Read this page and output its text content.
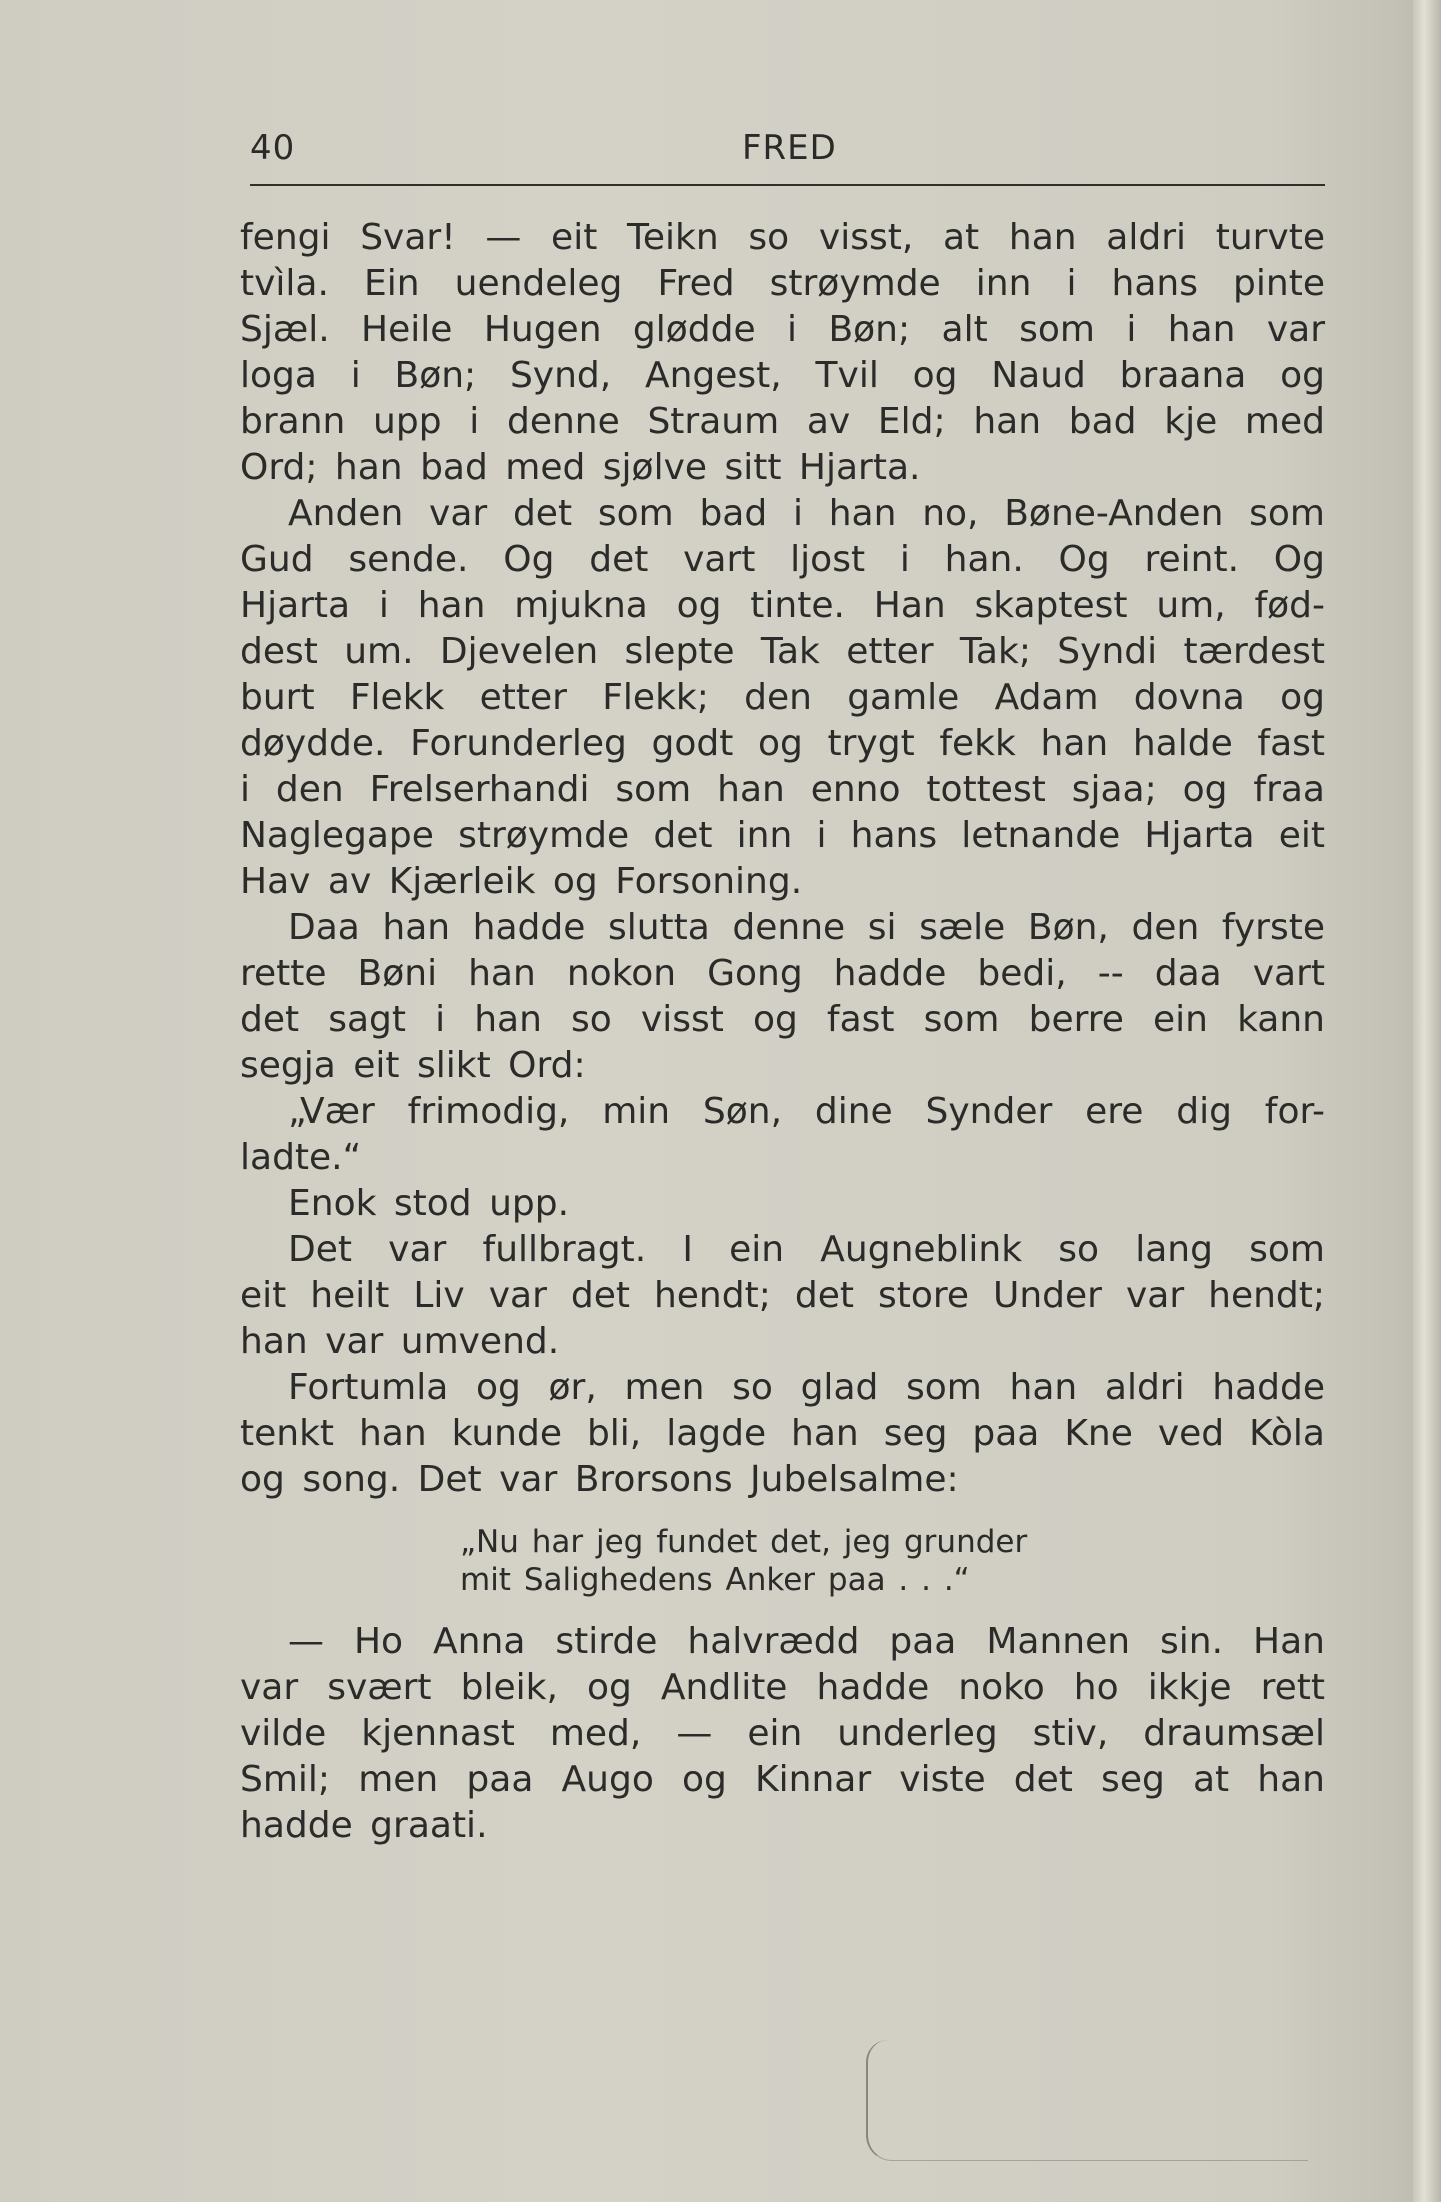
40	FRED
fengi Svar! — eit Teikn so visst, at han aldri turvte
tvìla. Ein uendeleg Fred strøymde inn i hans pinte
Sjæl. Heile Hugen glødde i Bøn; alt som i han var
loga i Bøn; Synd, Angest, Tvil og Naud braana og
brann upp i denne Straum av Eld; han bad kje med
Ord; han bad med sjølve sitt Hjarta.
Anden var det som bad i han no, Bøne-Anden som
Gud sende. Og det vart ljost i han. Og reint. Og
Hjarta i han mjukna og tinte. Han skaptest um, fød-
dest um. Djevelen slepte Tak etter Tak; Syndi tærdest
burt Flekk etter Flekk; den gamle Adam dovna og
døydde. Forunderleg godt og trygt fekk han halde fast
i den Frelserhandi som han enno tottest sjaa; og fraa
Naglegape strøymde det inn i hans letnande Hjarta eit
Hav av Kjærleik og Forsoning.
Daa han hadde slutta denne si sæle Bøn, den fyrste
rette Bøni han nokon Gong hadde bedi, -- daa vart
det sagt i han so visst og fast som berre ein kann
segja eit slikt Ord:
„Vær frimodig, min Søn, dine Synder ere dig for-
ladte.“
Enok stod upp.
Det var fullbragt. I ein Augneblink so lang som
eit heilt Liv var det hendt; det store Under var hendt;
han var umvend.
Fortumla og ør, men so glad som han aldri hadde
tenkt han kunde bli, lagde han seg paa Kne ved Kòla
og song. Det var Brorsons Jubelsalme:
„Nu har jeg fundet det, jeg grunder
mit Salighedens Anker paa . . .“
— Ho Anna stirde halvrædd paa Mannen sin. Han
var svært bleik, og Andlite hadde noko ho ikkje rett
vilde kjennast med, — ein underleg stiv, draumsæl
Smil; men paa Augo og Kinnar viste det seg at han
hadde graati.
